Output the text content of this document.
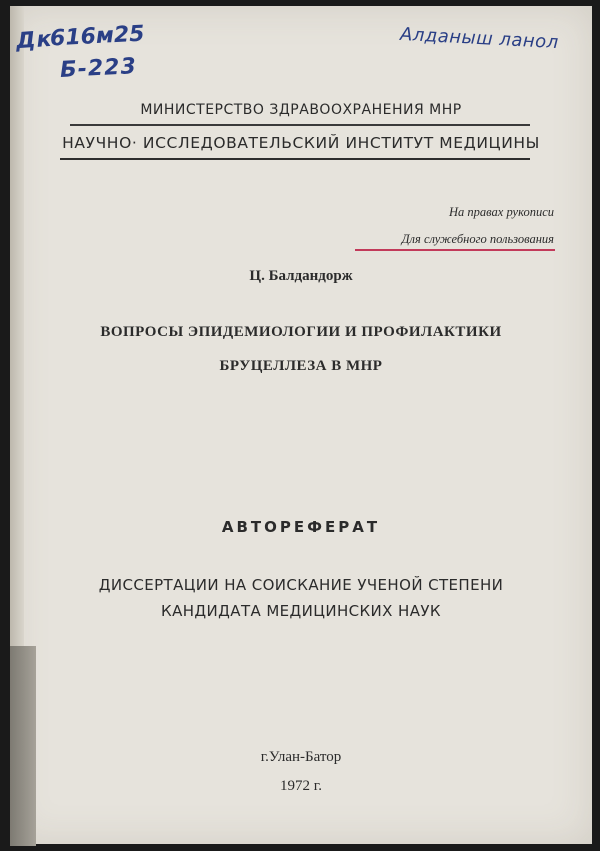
Дк
616м25
Б-223
Алданыш ланол

МИНИСТЕРСТВО ЗДРАВООХРАНЕНИЯ МНР

НАУЧНО· ИССЛЕДОВАТЕЛЬСКИЙ ИНСТИТУТ МЕДИЦИНЫ

На правах рукописи

Для служебного пользования

Ц. Балдандорж

ВОПРОСЫ ЭПИДЕМИОЛОГИИ И ПРОФИЛАКТИКИ

БРУЦЕЛЛЕЗА В МНР

АВТОРЕФЕРАТ

ДИССЕРТАЦИИ НА СОИСКАНИЕ УЧЕНОЙ СТЕПЕНИ

КАНДИДАТА МЕДИЦИНСКИХ НАУК

г.Улан-Батор

1972 г.
